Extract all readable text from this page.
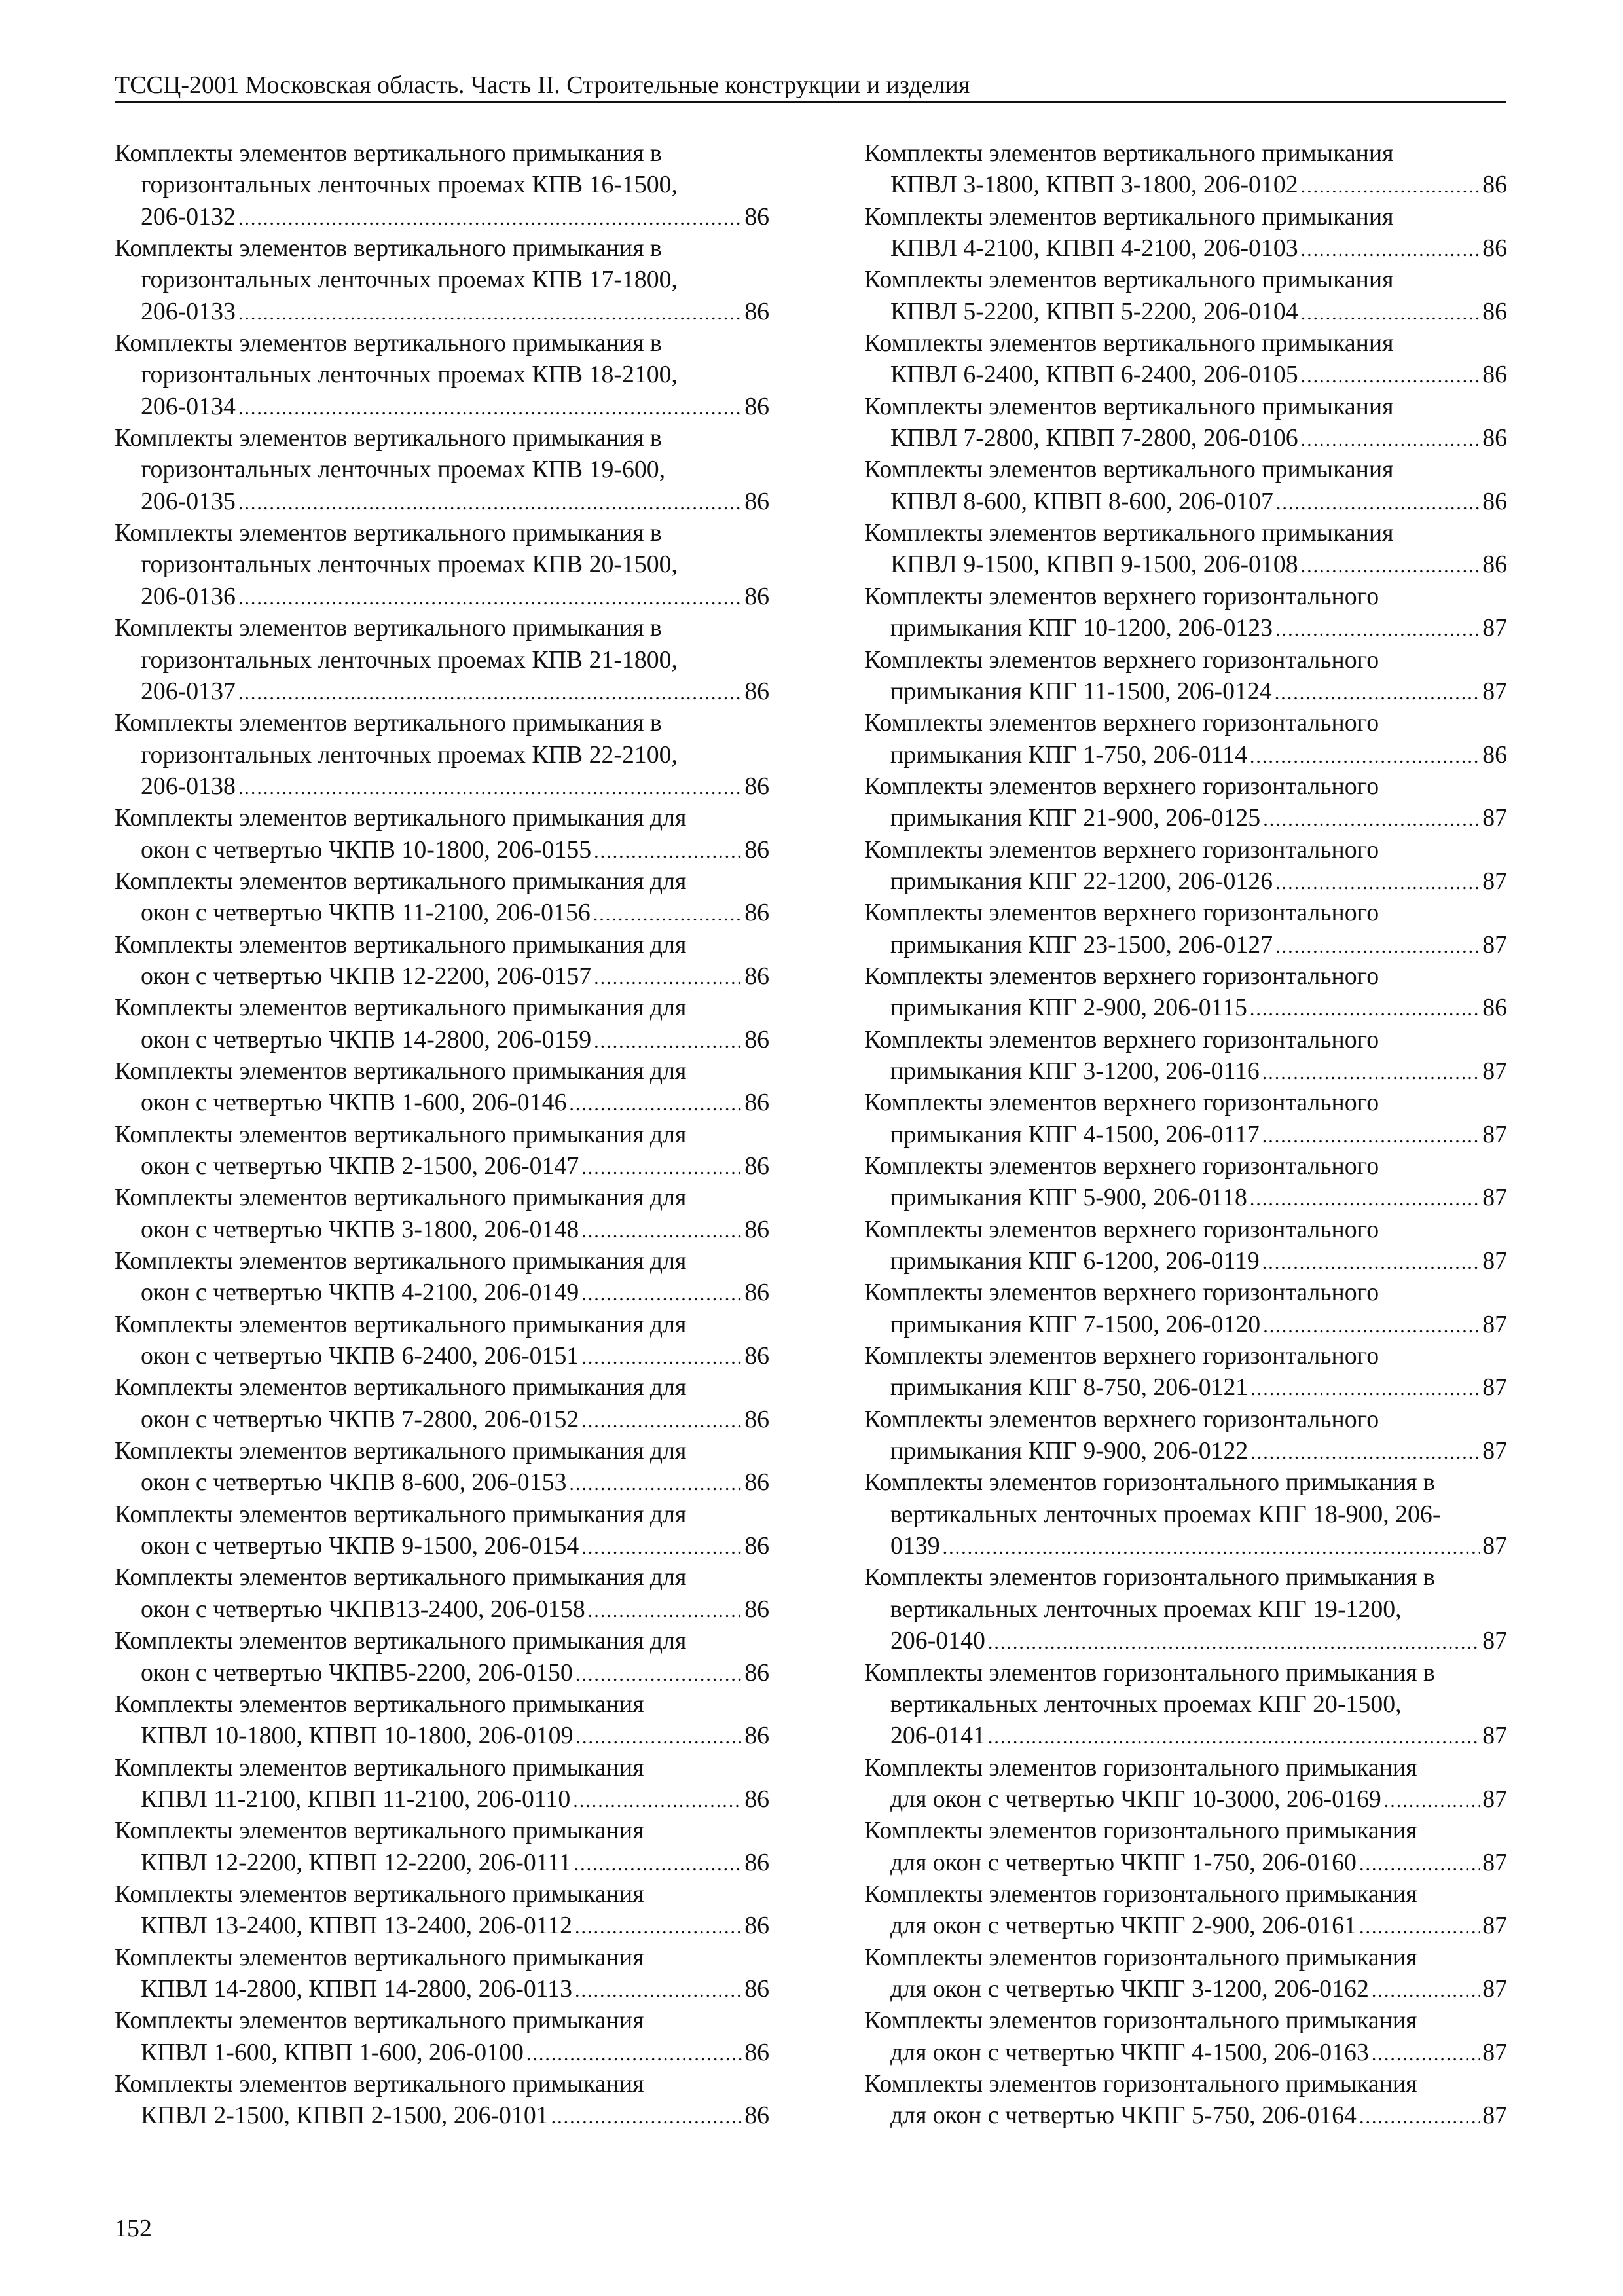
ТССЦ-2001 Московская область. Часть II. Строительные конструкции и изделия
Комплекты элементов вертикального примыкания в
горизонтальных ленточных проемах КПВ 16-1500,
206-0132 .....	86
Комплекты элементов вертикального примыкания в
горизонтальных ленточных проемах КПВ 17-1800,
206-0133 .....	86
Комплекты элементов вертикального примыкания в
горизонтальных ленточных проемах КПВ 18-2100,
206-0134 .....	86
Комплекты элементов вертикального примыкания в
горизонтальных ленточных проемах КПВ 19-600,
206-0135 .....	86
Комплекты элементов вертикального примыкания в
горизонтальных ленточных проемах КПВ 20-1500,
206-0136 .....	86
Комплекты элементов вертикального примыкания в
горизонтальных ленточных проемах КПВ 21-1800,
206-0137 .....	86
Комплекты элементов вертикального примыкания в
горизонтальных ленточных проемах КПВ 22-2100,
206-0138 .....	86
Комплекты элементов вертикального примыкания для
окон с четвертью ЧКПВ 10-1800, 206-0155 .....	86
Комплекты элементов вертикального примыкания для
окон с четвертью ЧКПВ 11-2100, 206-0156 .....	86
Комплекты элементов вертикального примыкания для
окон с четвертью ЧКПВ 12-2200, 206-0157 .....	86
Комплекты элементов вертикального примыкания для
окон с четвертью ЧКПВ 14-2800, 206-0159 .....	86
Комплекты элементов вертикального примыкания для
окон с четвертью ЧКПВ 1-600, 206-0146 .....	86
Комплекты элементов вертикального примыкания для
окон с четвертью ЧКПВ 2-1500, 206-0147 .....	86
Комплекты элементов вертикального примыкания для
окон с четвертью ЧКПВ 3-1800, 206-0148 .....	86
Комплекты элементов вертикального примыкания для
окон с четвертью ЧКПВ 4-2100, 206-0149 .....	86
Комплекты элементов вертикального примыкания для
окон с четвертью ЧКПВ 6-2400, 206-0151 .....	86
Комплекты элементов вертикального примыкания для
окон с четвертью ЧКПВ 7-2800, 206-0152 .....	86
Комплекты элементов вертикального примыкания для
окон с четвертью ЧКПВ 8-600, 206-0153 .....	86
Комплекты элементов вертикального примыкания для
окон с четвертью ЧКПВ 9-1500, 206-0154 .....	86
Комплекты элементов вертикального примыкания для
окон с четвертью ЧКПВ13-2400, 206-0158 .....	86
Комплекты элементов вертикального примыкания для
окон с четвертью ЧКПВ5-2200, 206-0150 .....	86
Комплекты элементов вертикального примыкания
КПВЛ 10-1800, КПВП 10-1800, 206-0109 .....	86
Комплекты элементов вертикального примыкания
КПВЛ 11-2100, КПВП 11-2100, 206-0110 .....	86
Комплекты элементов вертикального примыкания
КПВЛ 12-2200, КПВП 12-2200, 206-0111 .....	86
Комплекты элементов вертикального примыкания
КПВЛ 13-2400, КПВП 13-2400, 206-0112 .....	86
Комплекты элементов вертикального примыкания
КПВЛ 14-2800, КПВП 14-2800, 206-0113 .....	86
Комплекты элементов вертикального примыкания
КПВЛ 1-600, КПВП 1-600, 206-0100 .....	86
Комплекты элементов вертикального примыкания
КПВЛ 2-1500, КПВП 2-1500, 206-0101 .....	86
Комплекты элементов вертикального примыкания
КПВЛ 3-1800, КПВП 3-1800, 206-0102 .....	86
Комплекты элементов вертикального примыкания
КПВЛ 4-2100, КПВП 4-2100, 206-0103 .....	86
Комплекты элементов вертикального примыкания
КПВЛ 5-2200, КПВП 5-2200, 206-0104 .....	86
Комплекты элементов вертикального примыкания
КПВЛ 6-2400, КПВП 6-2400, 206-0105 .....	86
Комплекты элементов вертикального примыкания
КПВЛ 7-2800, КПВП 7-2800, 206-0106 .....	86
Комплекты элементов вертикального примыкания
КПВЛ 8-600, КПВП 8-600, 206-0107 .....	86
Комплекты элементов вертикального примыкания
КПВЛ 9-1500, КПВП 9-1500, 206-0108 .....	86
Комплекты элементов верхнего горизонтального
примыкания КПГ 10-1200, 206-0123 .....	87
Комплекты элементов верхнего горизонтального
примыкания КПГ 11-1500, 206-0124 .....	87
Комплекты элементов верхнего горизонтального
примыкания КПГ 1-750, 206-0114 .....	86
Комплекты элементов верхнего горизонтального
примыкания КПГ 21-900, 206-0125 .....	87
Комплекты элементов верхнего горизонтального
примыкания КПГ 22-1200, 206-0126 .....	87
Комплекты элементов верхнего горизонтального
примыкания КПГ 23-1500, 206-0127 .....	87
Комплекты элементов верхнего горизонтального
примыкания КПГ 2-900, 206-0115 .....	86
Комплекты элементов верхнего горизонтального
примыкания КПГ 3-1200, 206-0116 .....	87
Комплекты элементов верхнего горизонтального
примыкания КПГ 4-1500, 206-0117 .....	87
Комплекты элементов верхнего горизонтального
примыкания КПГ 5-900, 206-0118 .....	87
Комплекты элементов верхнего горизонтального
примыкания КПГ 6-1200, 206-0119 .....	87
Комплекты элементов верхнего горизонтального
примыкания КПГ 7-1500, 206-0120 .....	87
Комплекты элементов верхнего горизонтального
примыкания КПГ 8-750, 206-0121 .....	87
Комплекты элементов верхнего горизонтального
примыкания КПГ 9-900, 206-0122 .....	87
Комплекты элементов горизонтального примыкания в
вертикальных ленточных проемах КПГ 18-900, 206-
0139 .....	87
Комплекты элементов горизонтального примыкания в
вертикальных ленточных проемах КПГ 19-1200,
206-0140 .....	87
Комплекты элементов горизонтального примыкания в
вертикальных ленточных проемах КПГ 20-1500,
206-0141 .....	87
Комплекты элементов горизонтального примыкания
для окон с четвертью ЧКПГ 10-3000, 206-0169 .....	87
Комплекты элементов горизонтального примыкания
для окон с четвертью ЧКПГ 1-750, 206-0160 .....	87
Комплекты элементов горизонтального примыкания
для окон с четвертью ЧКПГ 2-900, 206-0161 .....	87
Комплекты элементов горизонтального примыкания
для окон с четвертью ЧКПГ 3-1200, 206-0162 .....	87
Комплекты элементов горизонтального примыкания
для окон с четвертью ЧКПГ 4-1500, 206-0163 .....	87
Комплекты элементов горизонтального примыкания
для окон с четвертью ЧКПГ 5-750, 206-0164 .....	87
152
